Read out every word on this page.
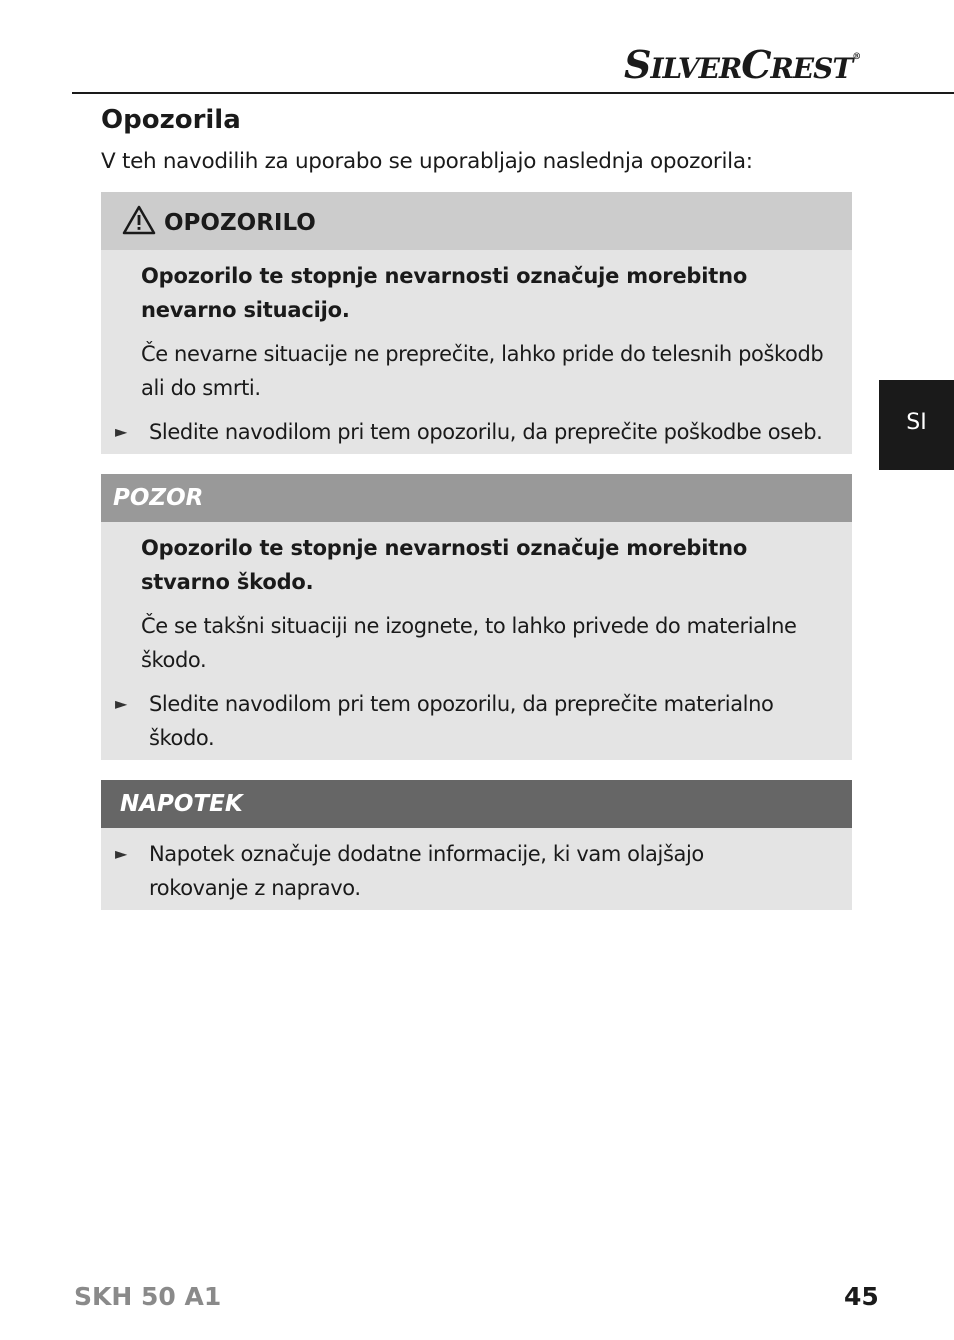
SILVERCREST®
Opozorila
V teh navodilih za uporabo se uporabljajo naslednja opozorila:
OPOZORILO
Opozorilo te stopnje nevarnosti označuje morebitno nevarno situacijo.
Če nevarne situacije ne preprečite, lahko pride do telesnih poškodb ali do smrti.
► Sledite navodilom pri tem opozorilu, da preprečite poškodbe oseb.
POZOR
Opozorilo te stopnje nevarnosti označuje morebitno stvarno škodo.
Če se takšni situaciji ne izognete, to lahko privede do materialne škodo.
► Sledite navodilom pri tem opozorilu, da preprečite materialno škodo.
NAPOTEK
► Napotek označuje dodatne informacije, ki vam olajšajo rokovanje z napravo.
SI
SKH 50 A1	45
